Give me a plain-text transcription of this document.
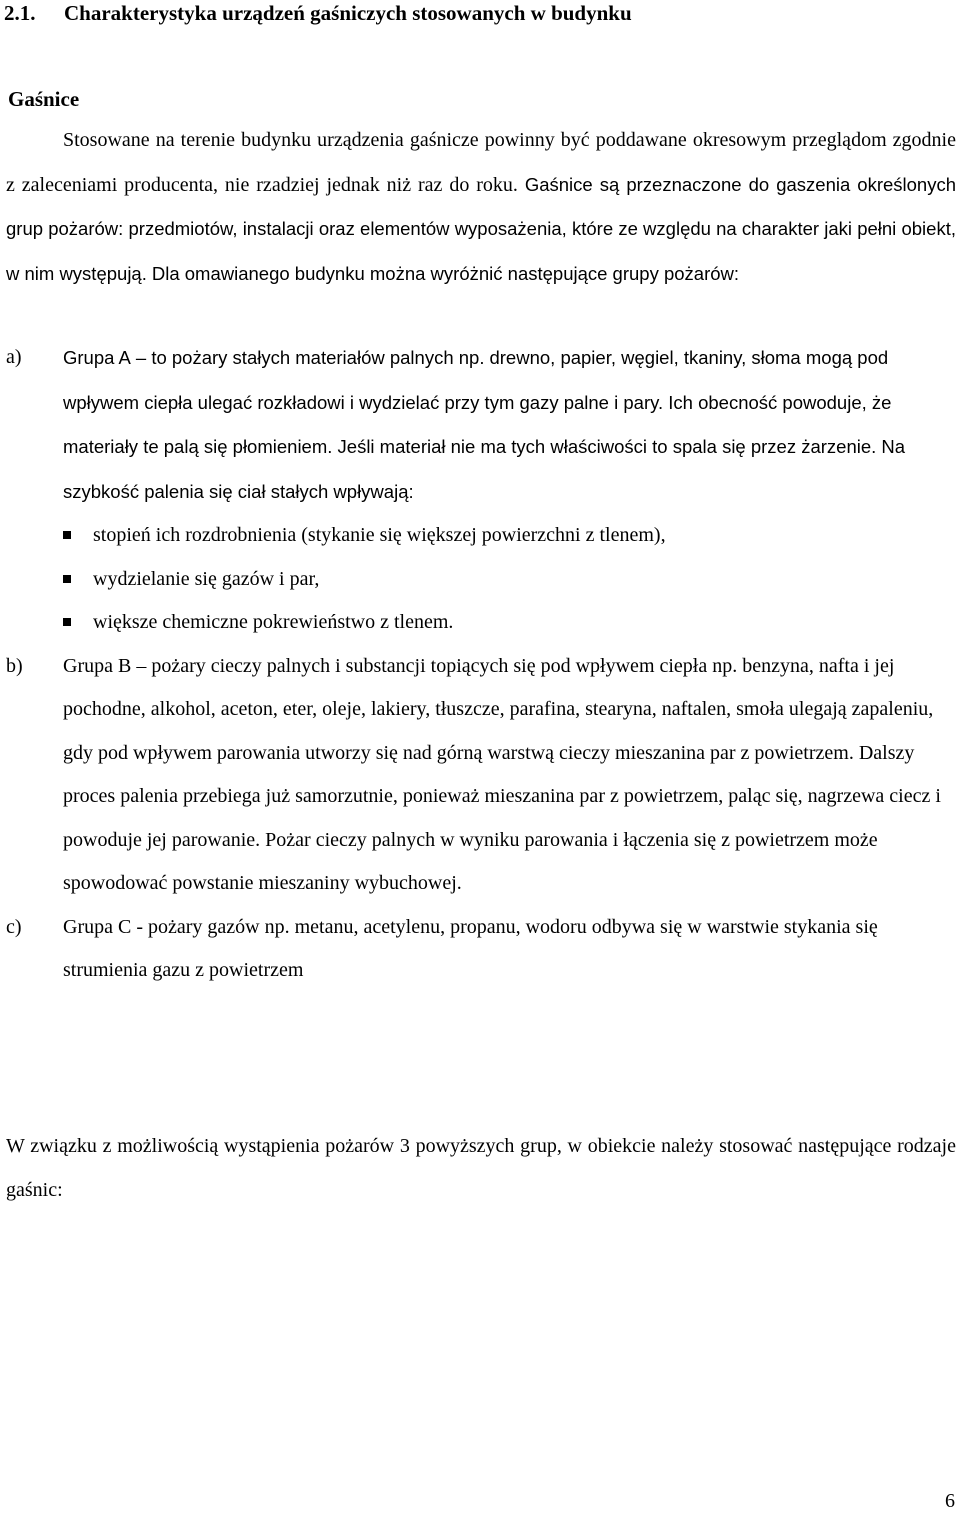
2.1. Charakterystyka urządzeń gaśniczych stosowanych w budynku
Gaśnice

Stosowane na terenie budynku urządzenia gaśnicze powinny być poddawane okresowym przeglądom zgodnie z zaleceniami producenta, nie rzadziej jednak niż raz do roku. Gaśnice są przeznaczone do gaszenia określonych grup pożarów: przedmiotów, instalacji oraz elementów wyposażenia, które ze względu na charakter jaki pełni obiekt, w nim występują. Dla omawianego budynku można wyróżnić następujące grupy pożarów:

a) Grupa A – to pożary stałych materiałów palnych np. drewno, papier, węgiel, tkaniny, słoma mogą pod wpływem ciepła ulegać rozkładowi i wydzielać przy tym gazy palne i pary. Ich obecność powoduje, że materiały te palą się płomieniem. Jeśli materiał nie ma tych właściwości to spala się przez żarzenie. Na szybkość palenia się ciał stałych wpływają:
stopień ich rozdrobnienia (stykanie się większej powierzchni z tlenem),
wydzielanie się gazów i par,
większe chemiczne pokrewieństwo z tlenem.
b) Grupa B – pożary cieczy palnych i substancji topiących się pod wpływem ciepła np. benzyna, nafta i jej pochodne, alkohol, aceton, eter, oleje, lakiery, tłuszcze, parafina, stearyna, naftalen, smoła ulegają zapaleniu, gdy pod wpływem parowania utworzy się nad górną warstwą cieczy mieszanina par z powietrzem. Dalszy proces palenia przebiega już samorzutnie, ponieważ mieszanina par z powietrzem, paląc się, nagrzewa ciecz i powoduje jej parowanie. Pożar cieczy palnych w wyniku parowania i łączenia się z powietrzem może spowodować powstanie mieszaniny wybuchowej.
c) Grupa C - pożary gazów np. metanu, acetylenu, propanu, wodoru odbywa się w warstwie stykania się strumienia gazu z powietrzem

W związku z możliwością wystąpienia pożarów 3 powyższych grup, w obiekcie należy stosować następujące rodzaje gaśnic:

6
